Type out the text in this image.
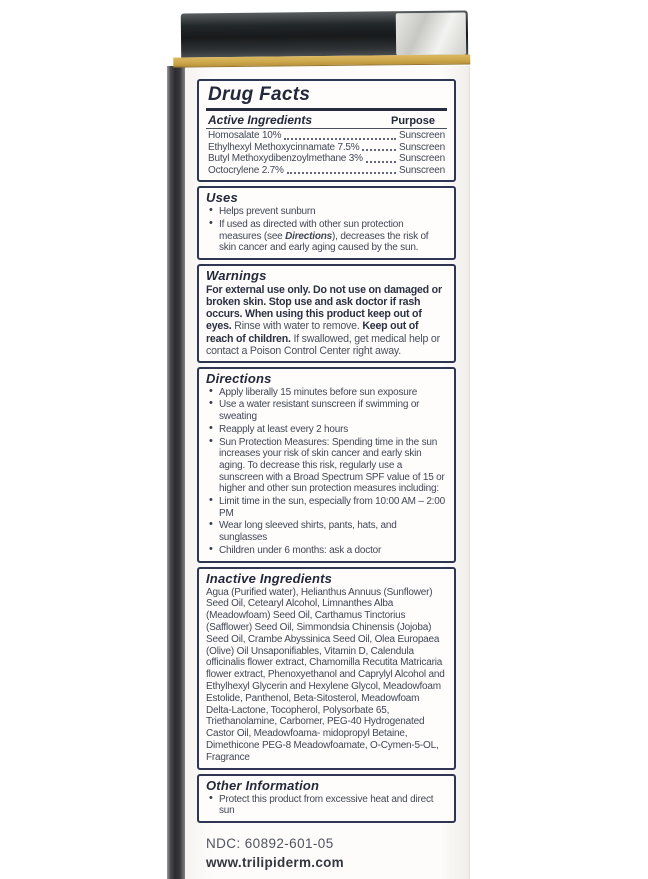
Drug Facts
Active Ingredients	Purpose
Homosalate 10%	Sunscreen
Ethylhexyl Methoxycinnamate 7.5%	Sunscreen
Butyl Methoxydibenzoylmethane 3%	Sunscreen
Octocrylene 2.7%	Sunscreen
Uses
• Helps prevent sunburn
• If used as directed with other sun protection measures (see Directions), decreases the risk of skin cancer and early aging caused by the sun.
Warnings

For external use only. Do not use on damaged or broken skin. Stop use and ask doctor if rash occurs. When using this product keep out of eyes. Rinse with water to remove. Keep out of reach of children. If swallowed, get medical help or contact a Poison Control Center right away.

Directions
• Apply liberally 15 minutes before sun exposure
• Use a water resistant sunscreen if swimming or sweating
• Reapply at least every 2 hours
• Sun Protection Measures: Spending time in the sun increases your risk of skin cancer and early skin aging. To decrease this risk, regularly use a sunscreen with a Broad Spectrum SPF value of 15 or higher and other sun protection measures including:
• Limit time in the sun, especially from 10:00 AM – 2:00 PM
• Wear long sleeved shirts, pants, hats, and sunglasses
• Children under 6 months: ask a doctor
Inactive Ingredients

Agua (Purified water), Helianthus Annuus (Sunflower) Seed Oil, Cetearyl Alcohol, Limnanthes Alba (Meadowfoam) Seed Oil, Carthamus Tinctorius (Safflower) Seed Oil, Simmondsia Chinensis (Jojoba) Seed Oil, Crambe Abyssinica Seed Oil, Olea Europaea (Olive) Oil Unsaponifiables, Vitamin D, Calendula officinalis flower extract, Chamomilla Recutita Matricaria flower extract, Phenoxyethanol and Caprylyl Alcohol and Ethylhexyl Glycerin and Hexylene Glycol, Meadowfoam Estolide, Panthenol, Beta-Sitosterol, Meadowfoam Delta-Lactone, Tocopherol, Polysorbate 65, Triethanolamine, Carbomer, PEG-40 Hydrogenated Castor Oil, Meadowfoama- midopropyl Betaine, Dimethicone PEG-8 Meadowfoamate, O-Cymen-5-OL, Fragrance

Other Information
• Protect this product from excessive heat and direct sun
NDC: 60892-601-05
www.trilipiderm.com
